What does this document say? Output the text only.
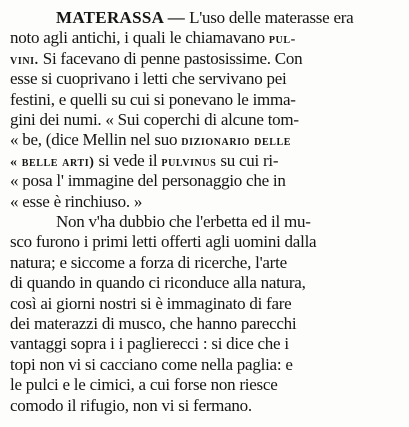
MATERASSA — L'uso delle materasse era
noto agli antichi, i quali le chiamavano pul-
vini. Si facevano di penne pastosissime. Con
esse si cuoprivano i letti che servivano pei
festini, e quelli su cui si ponevano le imma-
gini dei numi. « Sui coperchi di alcune tom-
« be, (dice Mellin nel suo dizionario delle
« belle arti) si vede il pulvinus su cui ri-
« posa l' immagine del personaggio che in
« esse è rinchiuso. »
Non v'ha dubbio che l'erbetta ed il mu-
sco furono i primi letti offerti agli uomini dalla
natura; e siccome a forza di ricerche, l'arte
di quando in quando ci riconduce alla natura,
così ai giorni nostri si è immaginato di fare
dei materazzi di musco, che hanno parecchi
vantaggi sopra i i paglierecci : si dice che i
topi non vi si cacciano come nella paglia: e
le pulci e le cimici, a cui forse non riesce
comodo il rifugio, non vi si fermano.
